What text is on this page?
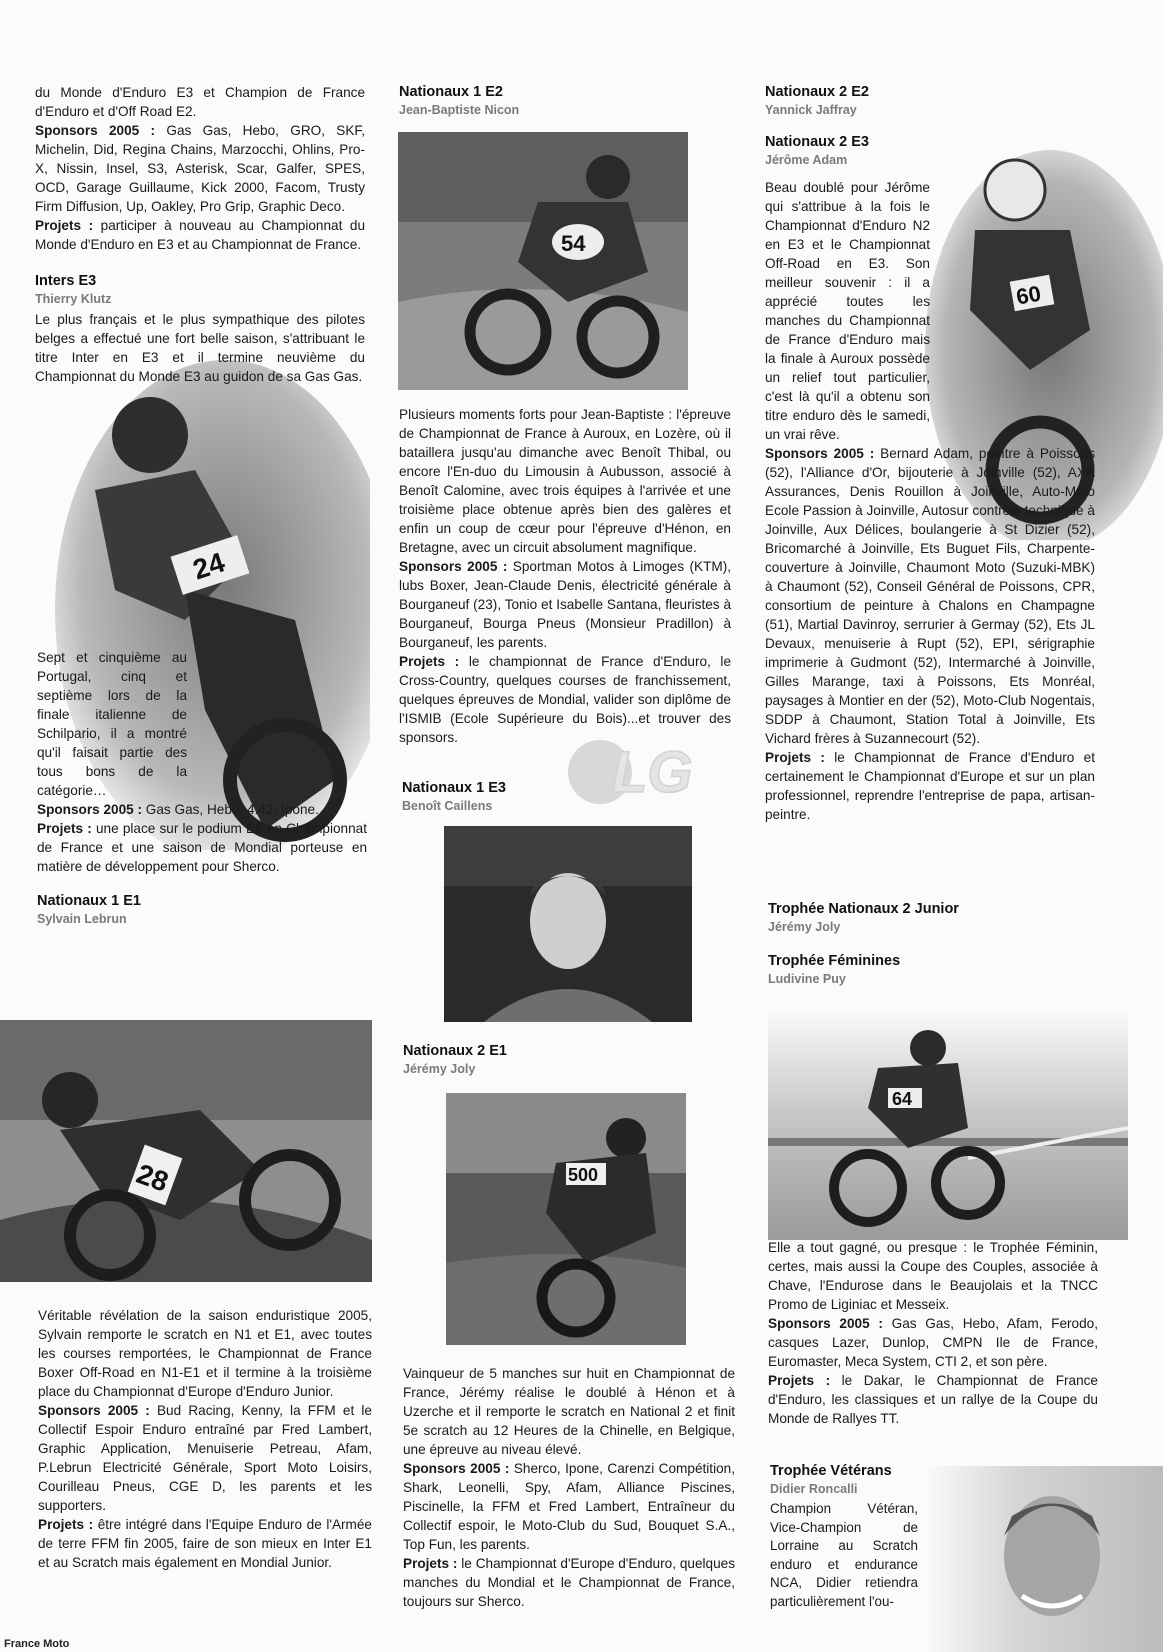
24
28
54
LG
500
60
64

du Monde d'Enduro E3 et Champion de France d'Enduro et d'Off Road E2.

Sponsors 2005 : Gas Gas, Hebo, GRO, SKF, Michelin, Did, Regina Chains, Marzocchi, Ohlins, Pro-X, Nissin, Insel, S3, Asterisk, Scar, Galfer, SPES, OCD, Garage Guillaume, Kick 2000, Facom, Trusty Firm Diffusion, Up, Oakley, Pro Grip, Graphic Deco.

Projets : participer à nouveau au Championnat du Monde d'Enduro en E3 et au Championnat de France.

Inters E3
Thierry Klutz

Le plus français et le plus sympathique des pilotes belges a effectué une fort belle saison, s'attribuant le titre Inter en E3 et il termine neuvième du Championnat du Monde E3 au guidon de sa Gas Gas.

Sept et cinquième au Portugal, cinq et septième lors de la finale italienne de Schilpario, il a montré qu'il faisait partie des tous bons de la catégorie…

Sponsors 2005 : Gas Gas, Hebo, 4.42, Ipone.

Projets : une place sur le podium E2 en Championnat de France et une saison de Mondial porteuse en matière de développement pour Sherco.

Nationaux 1 E1
Sylvain Lebrun

Véritable révélation de la saison enduristique 2005, Sylvain remporte le scratch en N1 et E1, avec toutes les courses remportées, le Championnat de France Boxer Off-Road en N1-E1 et il termine à la troisième place du Championnat d'Europe d'Enduro Junior.

Sponsors 2005 : Bud Racing, Kenny, la FFM et le Collectif Espoir Enduro entraîné par Fred Lambert, Graphic Application, Menuiserie Petreau, Afam, P.Lebrun Electricité Générale, Sport Moto Loisirs, Courilleau Pneus, CGE D, les parents et les supporters.

Projets : être intégré dans l'Equipe Enduro de l'Armée de terre FFM fin 2005, faire de son mieux en Inter E1 et au Scratch mais également en Mondial Junior.

Nationaux 1 E2
Jean-Baptiste Nicon

Plusieurs moments forts pour Jean-Baptiste : l'épreuve de Championnat de France à Auroux, en Lozère, où il bataillera jusqu'au dimanche avec Benoît Thibal, ou encore l'En-duo du Limousin à Aubusson, associé à Benoît Calomine, avec trois équipes à l'arrivée et une troisième place obtenue après bien des galères et enfin un coup de cœur pour l'épreuve d'Hénon, en Bretagne, avec un circuit absolument magnifique.

Sponsors 2005 : Sportman Motos à Limoges (KTM), lubs Boxer, Jean-Claude Denis, électricité générale à Bourganeuf (23), Tonio et Isabelle Santana, fleuristes à Bourganeuf, Bourga Pneus (Monsieur Pradillon) à Bourganeuf, les parents.

Projets : le championnat de France d'Enduro, le Cross-Country, quelques courses de franchissement, quelques épreuves de Mondial, valider son diplôme de l'ISMIB (Ecole Supérieure du Bois)...et trouver des sponsors.

Nationaux 1 E3
Benoît Caillens
Nationaux 2 E1
Jérémy Joly

Vainqueur de 5 manches sur huit en Championnat de France, Jérémy réalise le doublé à Hénon et à Uzerche et il remporte le scratch en National 2 et finit 5e scratch au 12 Heures de la Chinelle, en Belgique, une épreuve au niveau élevé.

Sponsors 2005 : Sherco, Ipone, Carenzi Compétition, Shark, Leonelli, Spy, Afam, Alliance Piscines, Piscinelle, la FFM et Fred Lambert, Entraîneur du Collectif espoir, le Moto-Club du Sud, Bouquet S.A., Top Fun, les parents.

Projets : le Championnat d'Europe d'Enduro, quelques manches du Mondial et le Championnat de France, toujours sur Sherco.

Nationaux 2 E2
Yannick Jaffray
Nationaux 2 E3
Jérôme Adam

Beau doublé pour Jérôme qui s'attribue à la fois le Championnat d'Enduro N2 en E3 et le Championnat Off-Road en E3. Son meilleur souvenir : il a apprécié toutes les manches du Championnat de France d'Enduro mais la finale à Auroux possède un relief tout particulier, c'est là qu'il a obtenu son titre enduro dès le samedi, un vrai rêve.

Sponsors 2005 : Bernard Adam, peintre à Poissons (52), l'Alliance d'Or, bijouterie à Joinville (52), AXA Assurances, Denis Rouillon à Joinville, Auto-Moto Ecole Passion à Joinville, Autosur contrôle technique à Joinville, Aux Délices, boulangerie à St Dizier (52), Bricomarché à Joinville, Ets Buguet Fils, Charpente-couverture à Joinville, Chaumont Moto (Suzuki-MBK) à Chaumont (52), Conseil Général de Poissons, CPR, consortium de peinture à Chalons en Champagne (51), Martial Davinroy, serrurier à Germay (52), Ets JL Devaux, menuiserie à Rupt (52), EPI, sérigraphie imprimerie à Gudmont (52), Intermarché à Joinville, Gilles Marange, taxi à Poissons, Ets Monréal, paysages à Montier en der (52), Moto-Club Nogentais, SDDP à Chaumont, Station Total à Joinville, Ets Vichard frères à Suzannecourt (52).

Projets : le Championnat de France d'Enduro et certainement le Championnat d'Europe et sur un plan professionnel, reprendre l'entreprise de papa, artisan-peintre.

Trophée Nationaux 2 Junior
Jérémy Joly
Trophée Féminines
Ludivine Puy

Elle a tout gagné, ou presque : le Trophée Féminin, certes, mais aussi la Coupe des Couples, associée à Chave, l'Endurose dans le Beaujolais et la TNCC Promo de Liginiac et Messeix.

Sponsors 2005 : Gas Gas, Hebo, Afam, Ferodo, casques Lazer, Dunlop, CMPN Ile de France, Euromaster, Meca System, CTI 2, et son père.

Projets : le Dakar, le Championnat de France d'Enduro, les classiques et un rallye de la Coupe du Monde de Rallyes TT.

Trophée Vétérans
Didier Roncalli

Champion Vétéran, Vice-Champion de Lorraine au Scratch enduro et endurance NCA, Didier retiendra particulièrement l'ou-

France Moto
